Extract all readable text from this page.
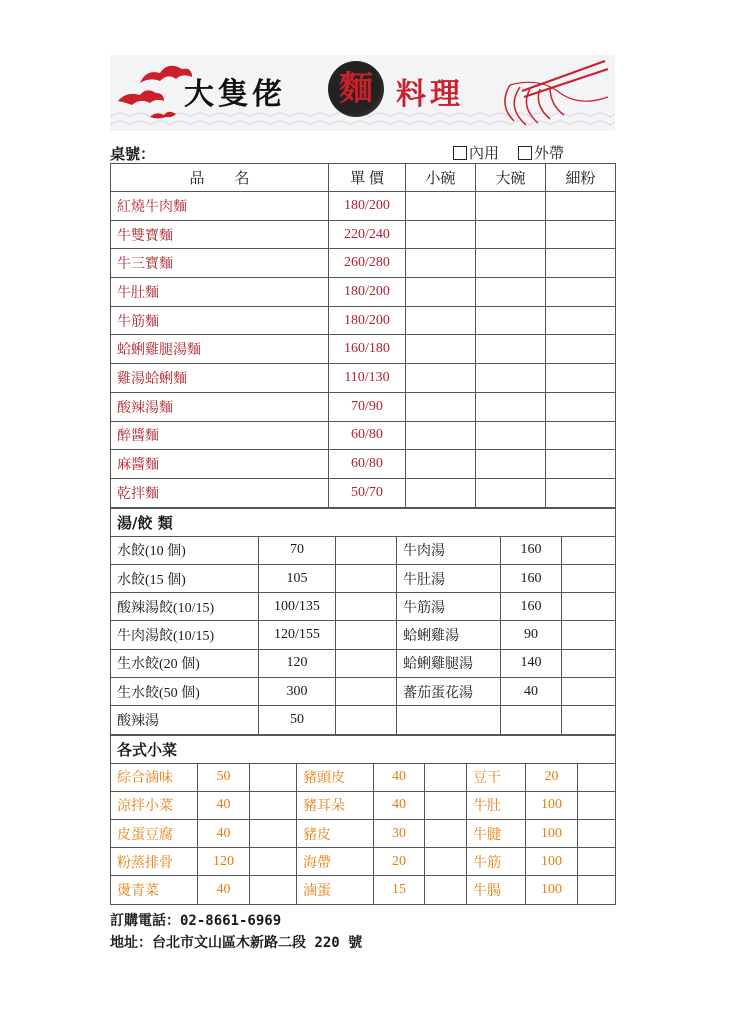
大隻佬	麵 料理
桌號：	內用 外帶
品　　名	單 價	小碗	大碗	細粉
紅燒牛肉麵	180/200			
牛雙寶麵	220/240			
牛三寶麵	260/280			
牛肚麵	180/200			
牛筋麵	180/200			
蛤蜊雞腿湯麵	160/180			
雞湯蛤蜊麵	110/130			
酸辣湯麵	70/90			
醉醬麵	60/80			
麻醬麵	60/80			
乾拌麵	50/70			
湯/餃 類					
水餃(10 個)	70		牛肉湯	160	
水餃(15 個)	105		牛肚湯	160	
酸辣湯餃(10/15)	100/135		牛筋湯	160	
牛肉湯餃(10/15)	120/155		蛤蜊雞湯	90	
生水餃(20 個)	120		蛤蜊雞腿湯	140	
生水餃(50 個)	300		蕃茄蛋花湯	40	
酸辣湯	50				
各式小菜								
綜合滷味	50		豬頭皮	40		豆干	20	
涼拌小菜	40		豬耳朵	40		牛肚	100	
皮蛋豆腐	40		豬皮	30		牛腱	100	
粉蒸排骨	120		海帶	20		牛筋	100	
燙青菜	40		滷蛋	15		牛腸	100	
訂購電話：02-8661-6969
地址：台北市文山區木新路二段 220 號
